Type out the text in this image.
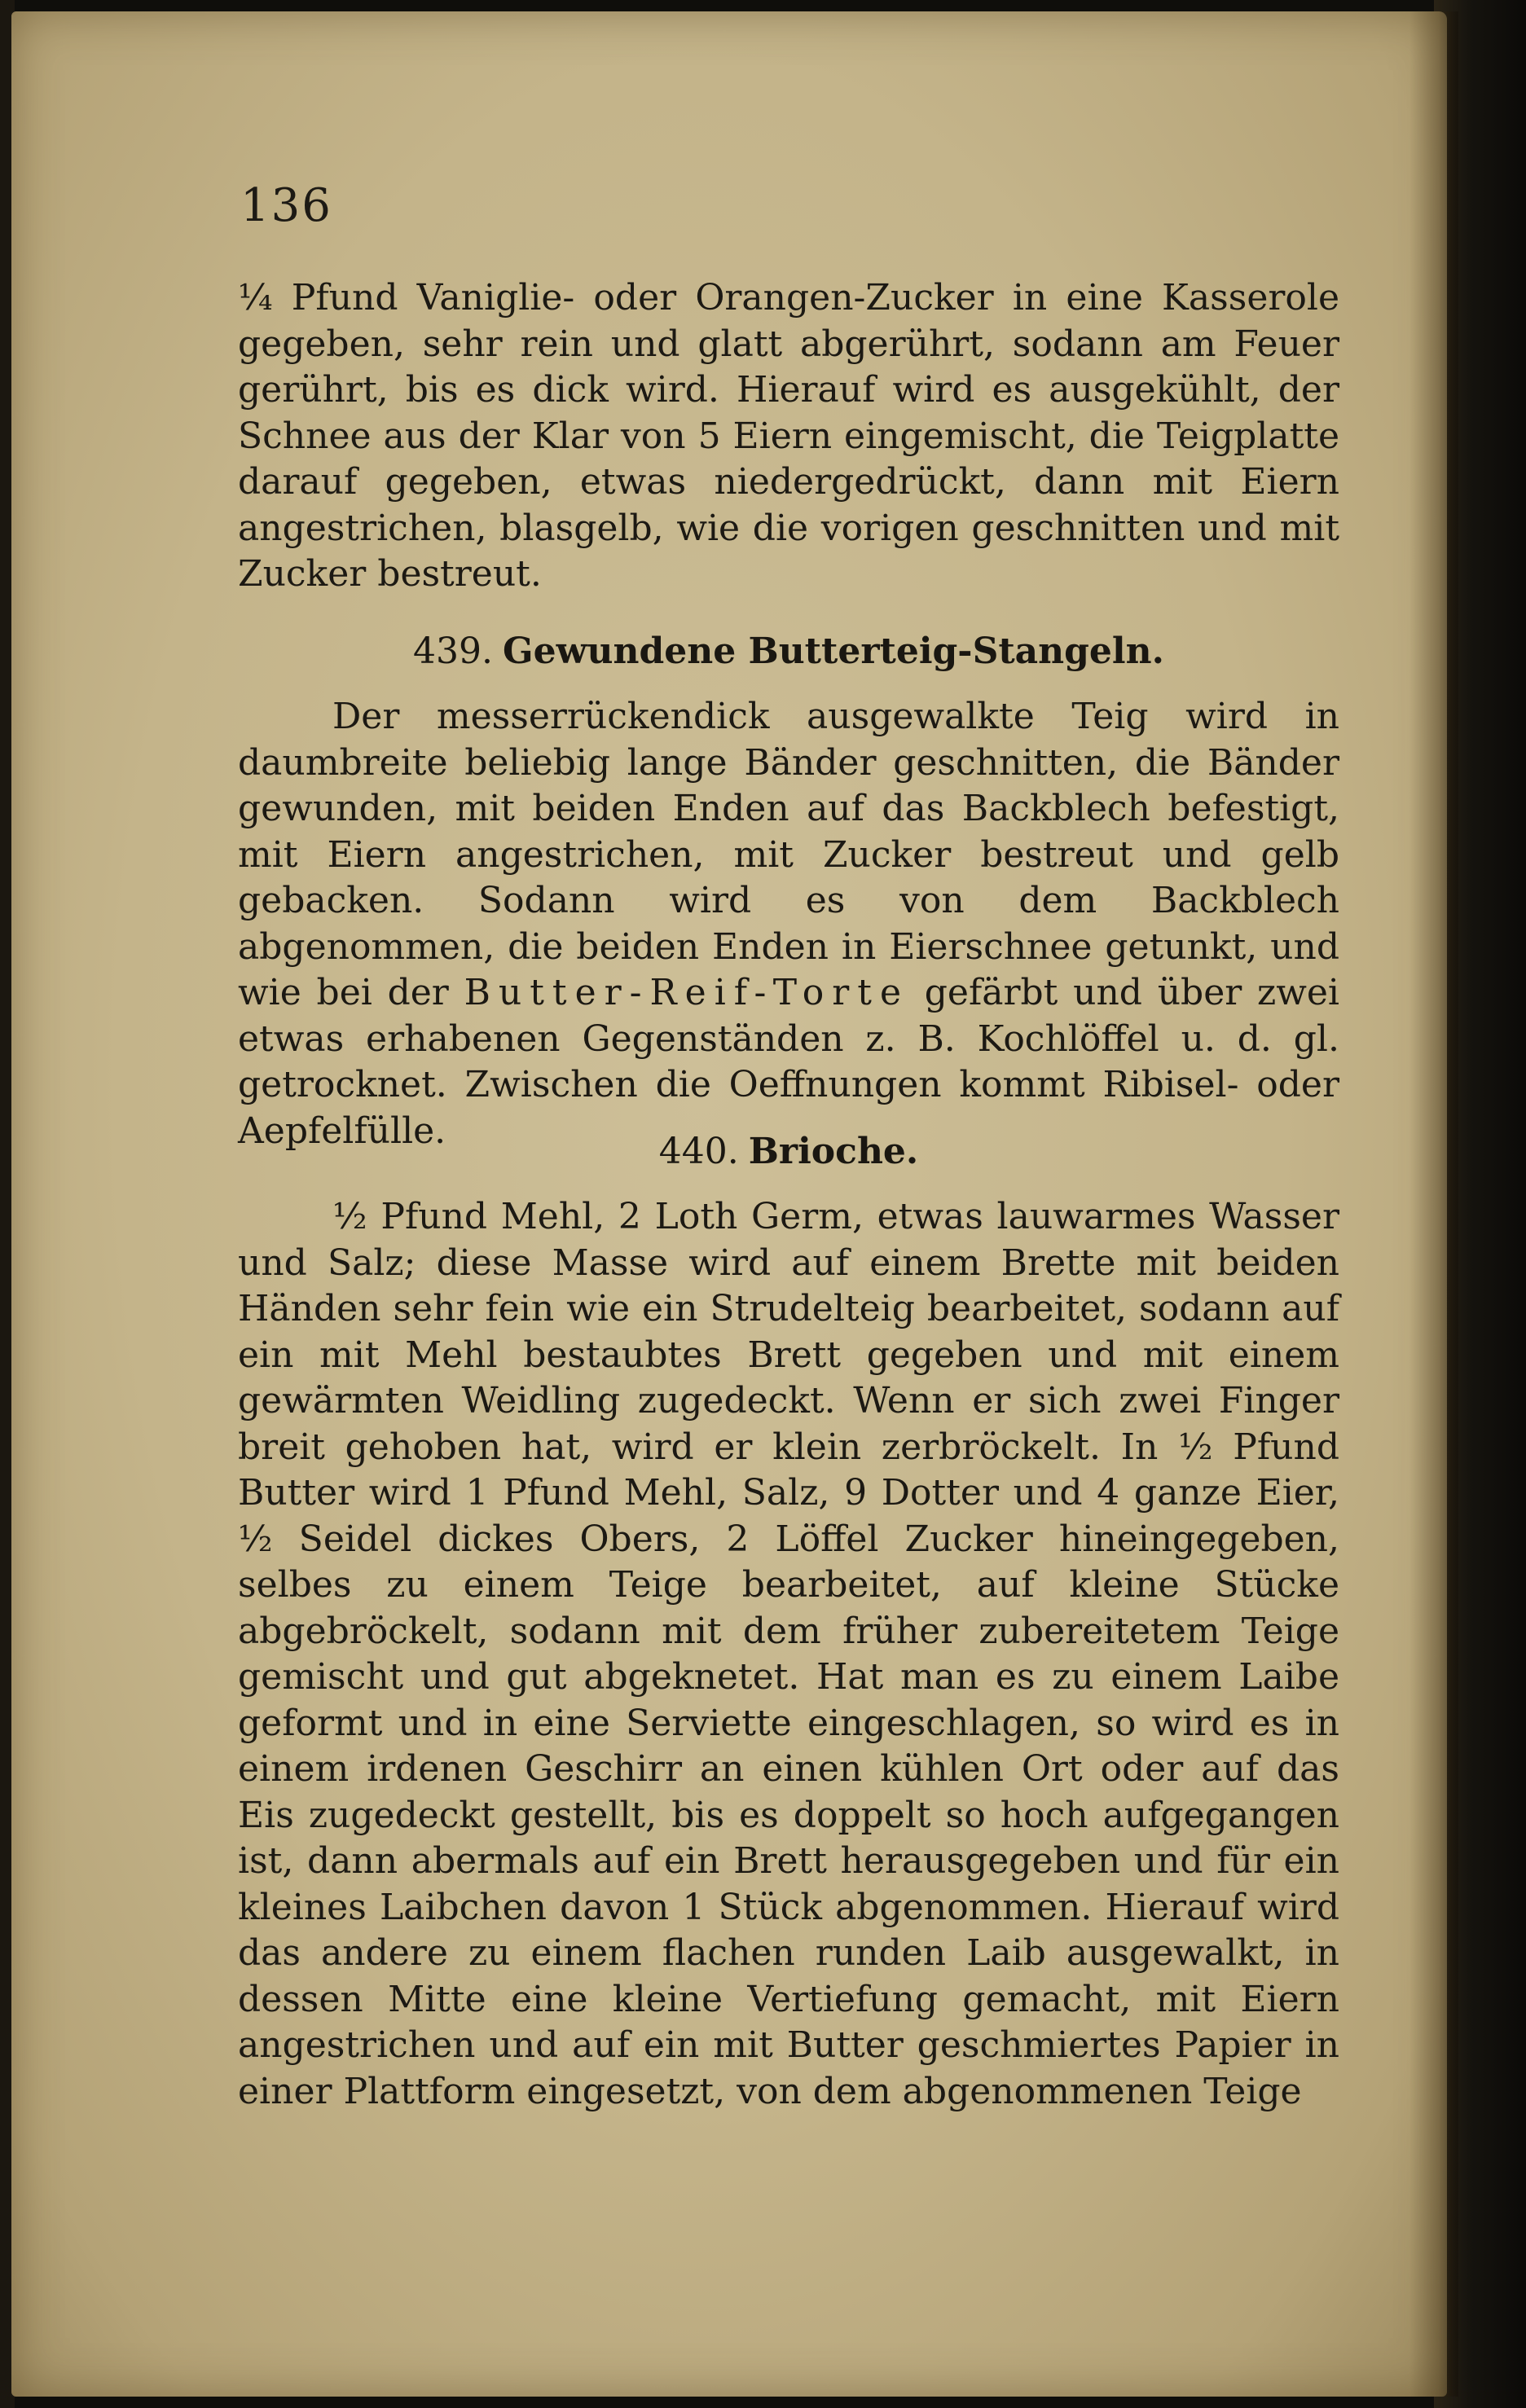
136

¼ Pfund Vaniglie- oder Orangen-Zucker in eine Kasserole gegeben, sehr rein und glatt abgerührt, sodann am Feuer gerührt, bis es dick wird. Hierauf wird es ausgekühlt, der Schnee aus der Klar von 5 Eiern eingemischt, die Teigplatte darauf gegeben, etwas niedergedrückt, dann mit Eiern angestrichen, blasgelb, wie die vorigen geschnitten und mit Zucker bestreut.

439. Gewundene Butterteig-Stangeln.

Der messerrückendick ausgewalkte Teig wird in daumbreite beliebig lange Bänder geschnitten, die Bänder gewunden, mit beiden Enden auf das Backblech befestigt, mit Eiern angestrichen, mit Zucker bestreut und gelb gebacken. Sodann wird es von dem Backblech abgenommen, die beiden Enden in Eierschnee getunkt, und wie bei der Butter-Reif-Torte gefärbt und über zwei etwas erhabenen Gegenständen z. B. Kochlöffel u. d. gl. getrocknet. Zwischen die Oeffnungen kommt Ribisel- oder Aepfelfülle.	440. Brioche.

½ Pfund Mehl, 2 Loth Germ, etwas lauwarmes Wasser und Salz; diese Masse wird auf einem Brette mit beiden Händen sehr fein wie ein Strudelteig bearbeitet, sodann auf ein mit Mehl bestaubtes Brett gegeben und mit einem gewärmten Weidling zugedeckt. Wenn er sich zwei Finger breit gehoben hat, wird er klein zerbröckelt. In ½ Pfund Butter wird 1 Pfund Mehl, Salz, 9 Dotter und 4 ganze Eier, ½ Seidel dickes Obers, 2 Löffel Zucker hineingegeben, selbes zu einem Teige bearbeitet, auf kleine Stücke abgebröckelt, sodann mit dem früher zubereitetem Teige gemischt und gut abgeknetet. Hat man es zu einem Laibe geformt und in eine Serviette eingeschlagen, so wird es in einem irdenen Geschirr an einen kühlen Ort oder auf das Eis zugedeckt gestellt, bis es doppelt so hoch aufgegangen ist, dann abermals auf ein Brett herausgegeben und für ein kleines Laibchen davon 1 Stück abgenommen. Hierauf wird das andere zu einem flachen runden Laib ausgewalkt, in dessen Mitte eine kleine Vertiefung gemacht, mit Eiern angestrichen und auf ein mit Butter geschmiertes Papier in einer Plattform eingesetzt, von dem abgenommenen Teige
